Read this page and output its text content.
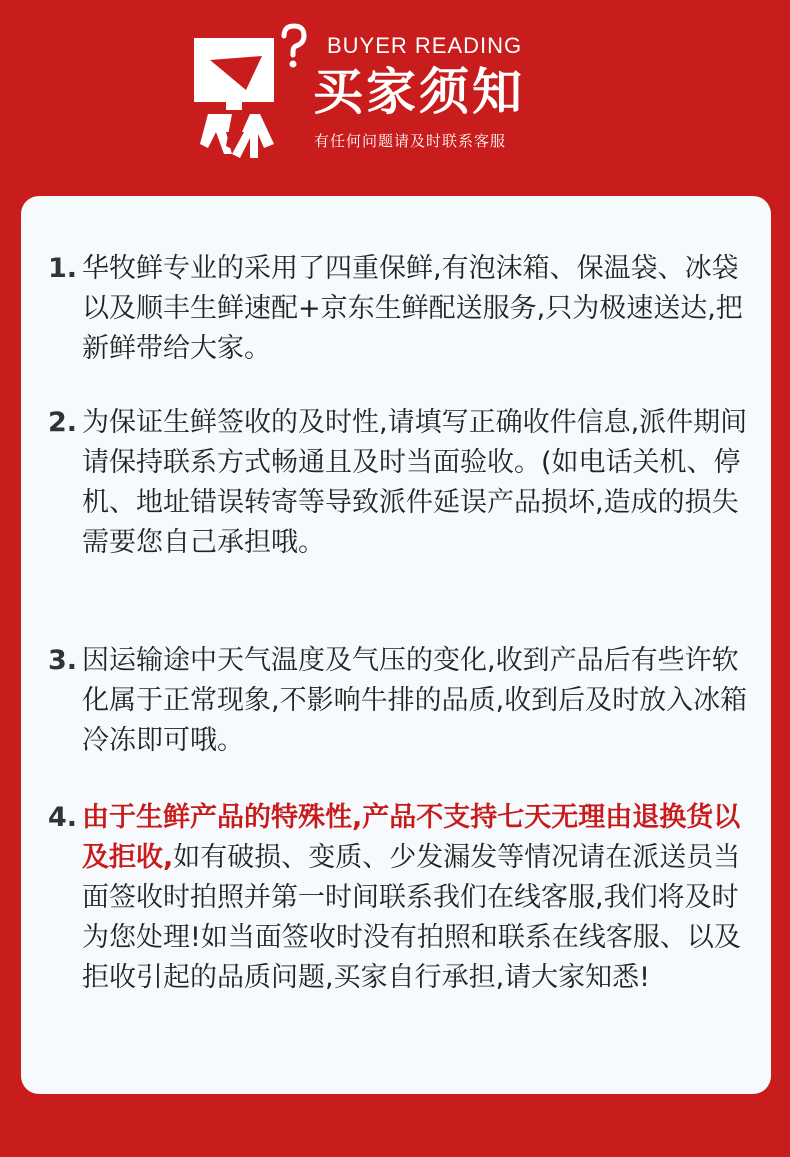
BUYER READING
买家须知
有任何问题请及时联系客服
1. 华牧鲜专业的采用了四重保鲜,有泡沫箱、保温袋、冰袋以及顺丰生鲜速配+京东生鲜配送服务,只为极速送达,把新鲜带给大家。
2. 为保证生鲜签收的及时性,请填写正确收件信息,派件期间请保持联系方式畅通且及时当面验收。(如电话关机、停机、地址错误转寄等导致派件延误产品损坏,造成的损失需要您自己承担哦。
3. 因运输途中天气温度及气压的变化,收到产品后有些许软化属于正常现象,不影响牛排的品质,收到后及时放入冰箱冷冻即可哦。
4. 由于生鲜产品的特殊性,产品不支持七天无理由退换货以及拒收,如有破损、变质、少发漏发等情况请在派送员当面签收时拍照并第一时间联系我们在线客服,我们将及时为您处理!如当面签收时没有拍照和联系在线客服、以及拒收引起的品质问题,买家自行承担,请大家知悉!
